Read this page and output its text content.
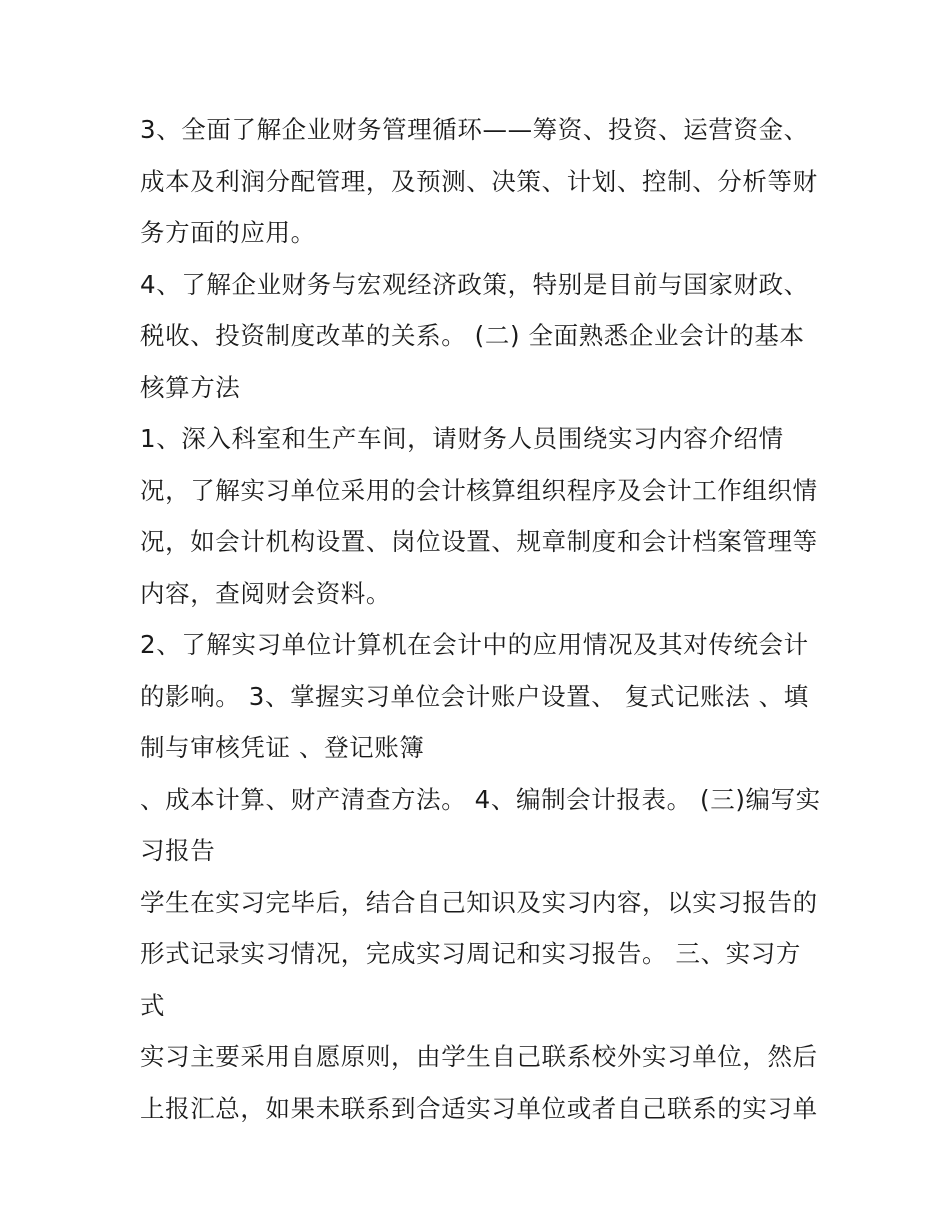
3、全面了解企业财务管理循环——筹资、投资、运营资金、
成本及利润分配管理，及预测、决策、计划、控制、分析等财
务方面的应用。
4、了解企业财务与宏观经济政策，特别是目前与国家财政、
税收、投资制度改革的关系。 (二) 全面熟悉企业会计的基本
核算方法
1、深入科室和生产车间，请财务人员围绕实习内容介绍情
况，了解实习单位采用的会计核算组织程序及会计工作组织情
况，如会计机构设置、岗位设置、规章制度和会计档案管理等
内容，查阅财会资料。
2、了解实习单位计算机在会计中的应用情况及其对传统会计
的影响。 3、掌握实习单位会计账户设置、 复式记账法 、填
制与审核凭证 、登记账簿
、成本计算、财产清查方法。 4、编制会计报表。 (三)编写实
习报告
学生在实习完毕后，结合自己知识及实习内容，以实习报告的
形式记录实习情况，完成实习周记和实习报告。 三、实习方
式
实习主要采用自愿原则，由学生自己联系校外实习单位，然后
上报汇总，如果未联系到合适实习单位或者自己联系的实习单
